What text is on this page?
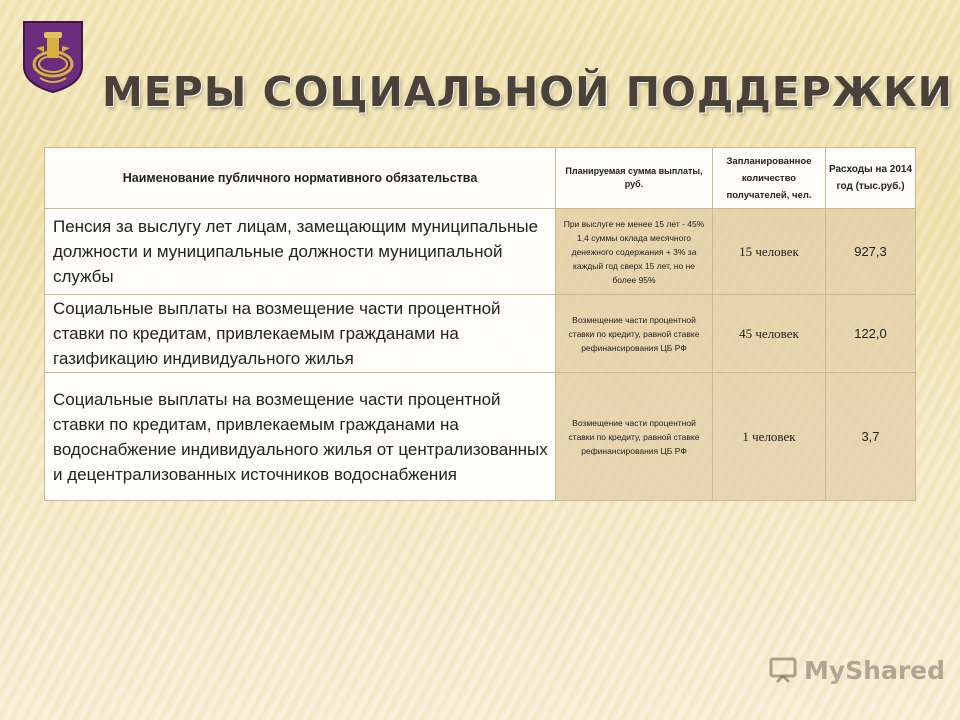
МЕРЫ СОЦИАЛЬНОЙ ПОДДЕРЖКИ
Наименование публичного нормативного обязательства	Планируемая сумма выплаты, руб.	Запланированное количество получателей, чел.	Расходы на 2014 год (тыс.руб.)
Пенсия за выслугу лет лицам, замещающим муниципальные должности и муниципальные должности муниципальной службы	При выслуге не менее 15 лет - 45% 1,4 суммы оклада месячного денежного содержания + 3% за каждый год сверх 15 лет, но не более 95%	15 человек	927,3
Социальные выплаты на возмещение части процентной ставки по кредитам, привлекаемым гражданами на газификацию индивидуального жилья	Возмещение части процентной ставки по кредиту, равной ставке рефинансирования ЦБ РФ	45 человек	122,0
Социальные выплаты на возмещение части процентной ставки по кредитам, привлекаемым гражданами на водоснабжение индивидуального жилья от централизованных и децентрализованных источников водоснабжения	Возмещение части процентной ставки по кредиту, равной ставке рефинансирования ЦБ РФ	1 человек	3,7
MyShared
